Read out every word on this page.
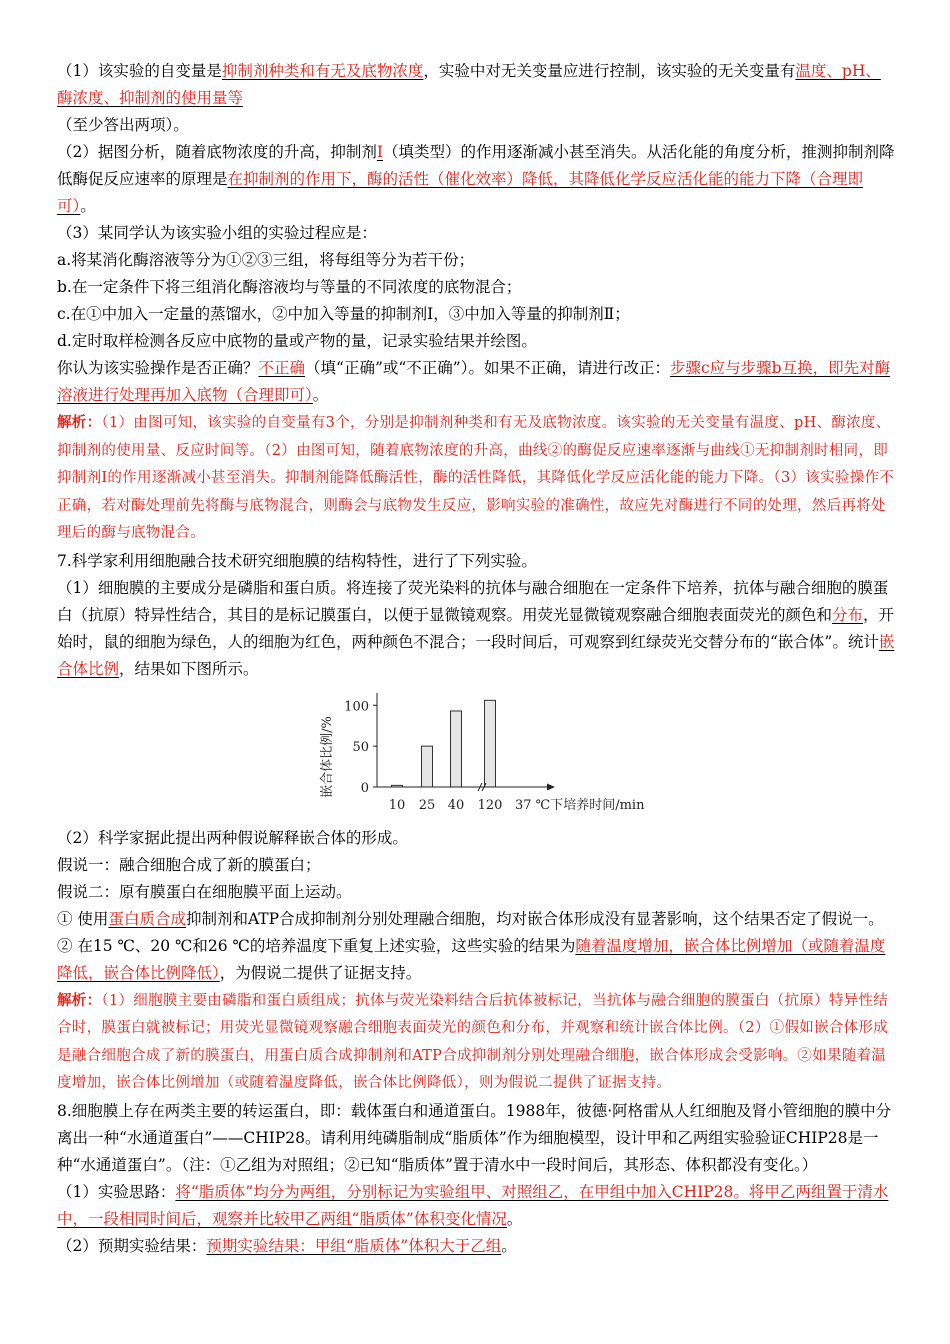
（1）该实验的自变量是抑制剂种类和有无及底物浓度，实验中对无关变量应进行控制，该实验的无关变量有温度、pH、酶浓度、抑制剂的使用量等

（至少答出两项）。

（2）据图分析，随着底物浓度的升高，抑制剂Ⅰ（填类型）的作用逐渐减小甚至消失。从活化能的角度分析，推测抑制剂降低酶促反应速率的原理是在抑制剂的作用下，酶的活性（催化效率）降低，其降低化学反应活化能的能力下降（合理即可）。

（3）某同学认为该实验小组的实验过程应是：

a.将某消化酶溶液等分为①②③三组，将每组等分为若干份；

b.在一定条件下将三组消化酶溶液均与等量的不同浓度的底物混合；

c.在①中加入一定量的蒸馏水，②中加入等量的抑制剂Ⅰ，③中加入等量的抑制剂Ⅱ；

d.定时取样检测各反应中底物的量或产物的量，记录实验结果并绘图。

你认为该实验操作是否正确？不正确（填“正确”或“不正确”）。如果不正确，请进行改正：步骤c应与步骤b互换，即先对酶溶液进行处理再加入底物（合理即可）。

解析：（1）由图可知，该实验的自变量有3个，分别是抑制剂种类和有无及底物浓度。该实验的无关变量有温度、pH、酶浓度、抑制剂的使用量、反应时间等。（2）由图可知，随着底物浓度的升高，曲线②的酶促反应速率逐渐与曲线①无抑制剂时相同，即抑制剂Ⅰ的作用逐渐减小甚至消失。抑制剂能降低酶活性，酶的活性降低，其降低化学反应活化能的能力下降。（3）该实验操作不正确，若对酶处理前先将酶与底物混合，则酶会与底物发生反应，影响实验的准确性，故应先对酶进行不同的处理，然后再将处理后的酶与底物混合。

7.科学家利用细胞融合技术研究细胞膜的结构特性，进行了下列实验。

（1）细胞膜的主要成分是磷脂和蛋白质。将连接了荧光染料的抗体与融合细胞在一定条件下培养，抗体与融合细胞的膜蛋白（抗原）特异性结合，其目的是标记膜蛋白，以便于显微镜观察。用荧光显微镜观察融合细胞表面荧光的颜色和分布，开始时，鼠的细胞为绿色，人的细胞为红色，两种颜色不混合；一段时间后，可观察到红绿荧光交替分布的“嵌合体”。统计嵌合体比例，结果如下图所示。

嵌合体比例/% 0
50
100
10 25 40 120 37 ℃下培养时间/min

（2）科学家据此提出两种假说解释嵌合体的形成。

假说一：融合细胞合成了新的膜蛋白；

假说二：原有膜蛋白在细胞膜平面上运动。

① 使用蛋白质合成抑制剂和ATP合成抑制剂分别处理融合细胞，均对嵌合体形成没有显著影响，这个结果否定了假说一。

② 在15 ℃、20 ℃和26 ℃的培养温度下重复上述实验，这些实验的结果为随着温度增加，嵌合体比例增加（或随着温度降低，嵌合体比例降低），为假说二提供了证据支持。

解析：（1）细胞膜主要由磷脂和蛋白质组成；抗体与荧光染料结合后抗体被标记，当抗体与融合细胞的膜蛋白（抗原）特异性结合时，膜蛋白就被标记；用荧光显微镜观察融合细胞表面荧光的颜色和分布，并观察和统计嵌合体比例。（2）①假如嵌合体形成是融合细胞合成了新的膜蛋白，用蛋白质合成抑制剂和ATP合成抑制剂分别处理融合细胞，嵌合体形成会受影响。②如果随着温度增加，嵌合体比例增加（或随着温度降低，嵌合体比例降低），则为假说二提供了证据支持。

8.细胞膜上存在两类主要的转运蛋白，即：载体蛋白和通道蛋白。1988年，彼德·阿格雷从人红细胞及肾小管细胞的膜中分离出一种“水通道蛋白”——CHIP28。请利用纯磷脂制成“脂质体”作为细胞模型，设计甲和乙两组实验验证CHIP28是一种“水通道蛋白”。（注：①乙组为对照组；②已知“脂质体”置于清水中一段时间后，其形态、体积都没有变化。）

（1）实验思路：将“脂质体”均分为两组，分别标记为实验组甲、对照组乙，在甲组中加入CHIP28。将甲乙两组置于清水中，一段相同时间后，观察并比较甲乙两组“脂质体”体积变化情况。

（2）预期实验结果：预期实验结果：甲组“脂质体”体积大于乙组。
